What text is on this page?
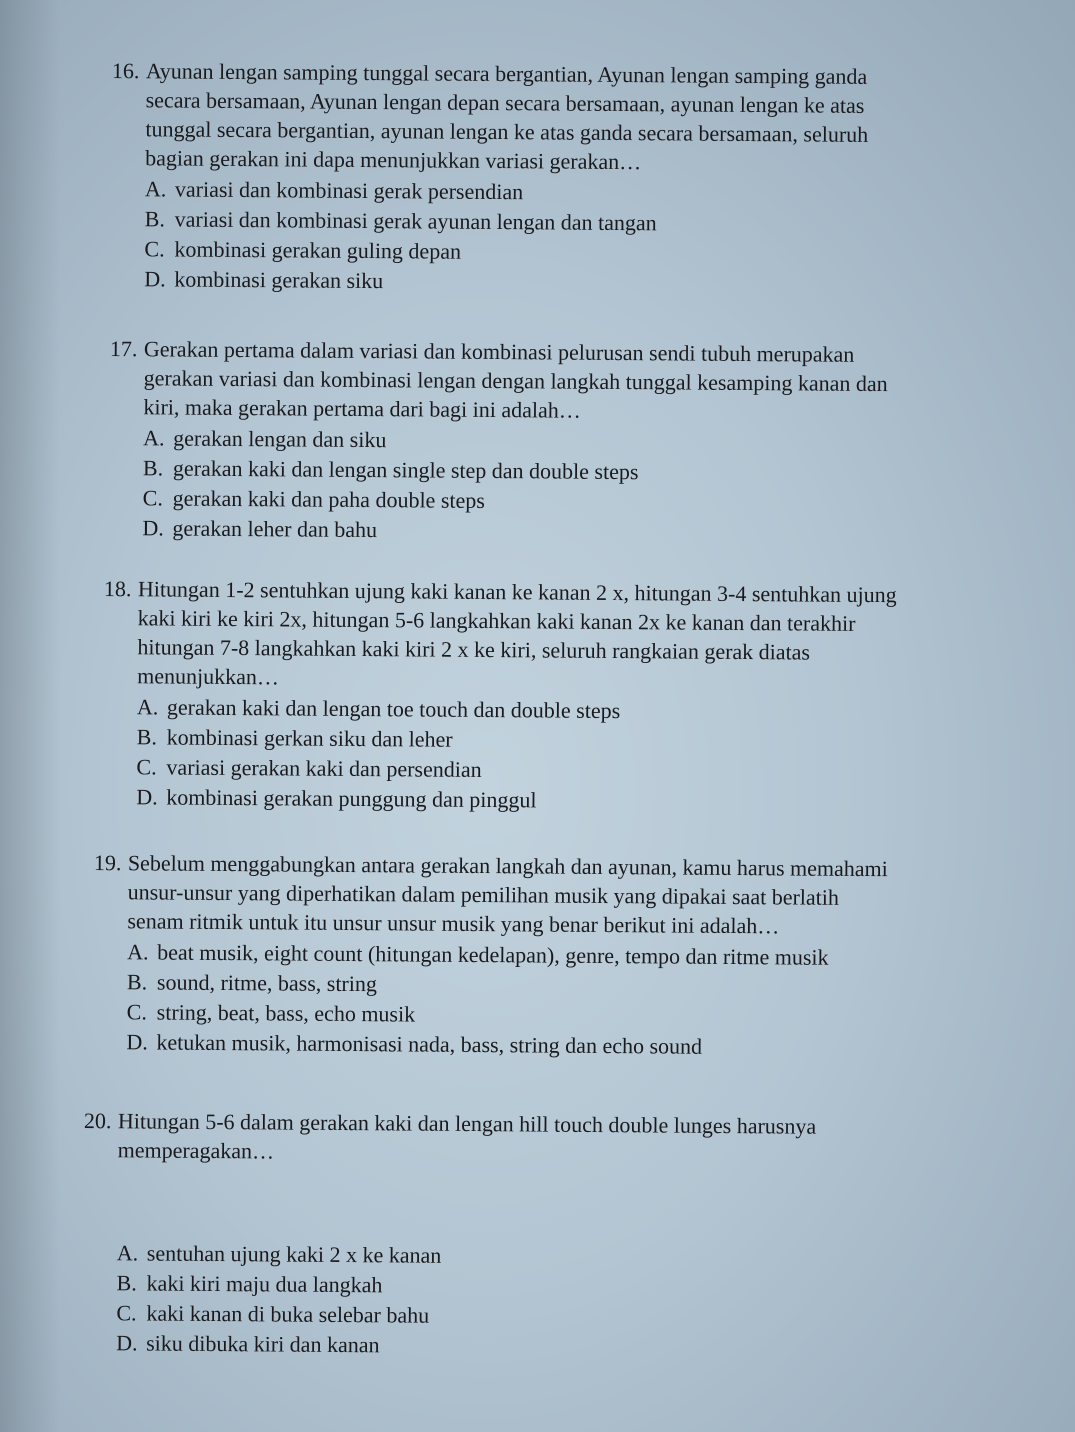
16. Ayunan lengan samping tunggal secara bergantian, Ayunan lengan samping ganda
secara bersamaan, Ayunan lengan depan secara bersamaan, ayunan lengan ke atas
tunggal secara bergantian, ayunan lengan ke atas ganda secara bersamaan, seluruh
bagian gerakan ini dapa menunjukkan variasi gerakan…
A. variasi dan kombinasi gerak persendian
B. variasi dan kombinasi gerak ayunan lengan dan tangan
C. kombinasi gerakan guling depan
D. kombinasi gerakan siku
17. Gerakan pertama dalam variasi dan kombinasi pelurusan sendi tubuh merupakan
gerakan variasi dan kombinasi lengan dengan langkah tunggal kesamping kanan dan
kiri, maka gerakan pertama dari bagi ini adalah…
A. gerakan lengan dan siku
B. gerakan kaki dan lengan single step dan double steps
C. gerakan kaki dan paha double steps
D. gerakan leher dan bahu
18. Hitungan 1-2 sentuhkan ujung kaki kanan ke kanan 2 x, hitungan 3-4 sentuhkan ujung
kaki kiri ke kiri 2x, hitungan 5-6 langkahkan kaki kanan 2x ke kanan dan terakhir
hitungan 7-8 langkahkan kaki kiri 2 x ke kiri, seluruh rangkaian gerak diatas
menunjukkan…
A. gerakan kaki dan lengan toe touch dan double steps
B. kombinasi gerkan siku dan leher
C. variasi gerakan kaki dan persendian
D. kombinasi gerakan punggung dan pinggul
19. Sebelum menggabungkan antara gerakan langkah dan ayunan, kamu harus memahami
unsur-unsur yang diperhatikan dalam pemilihan musik yang dipakai saat berlatih
senam ritmik untuk itu unsur unsur musik yang benar berikut ini adalah…
A. beat musik, eight count (hitungan kedelapan), genre, tempo dan ritme musik
B. sound, ritme, bass, string
C. string, beat, bass, echo musik
D. ketukan musik, harmonisasi nada, bass, string dan echo sound
20. Hitungan 5-6 dalam gerakan kaki dan lengan hill touch double lunges harusnya
memperagakan…
A. sentuhan ujung kaki 2 x ke kanan
B. kaki kiri maju dua langkah
C. kaki kanan di buka selebar bahu
D. siku dibuka kiri dan kanan
